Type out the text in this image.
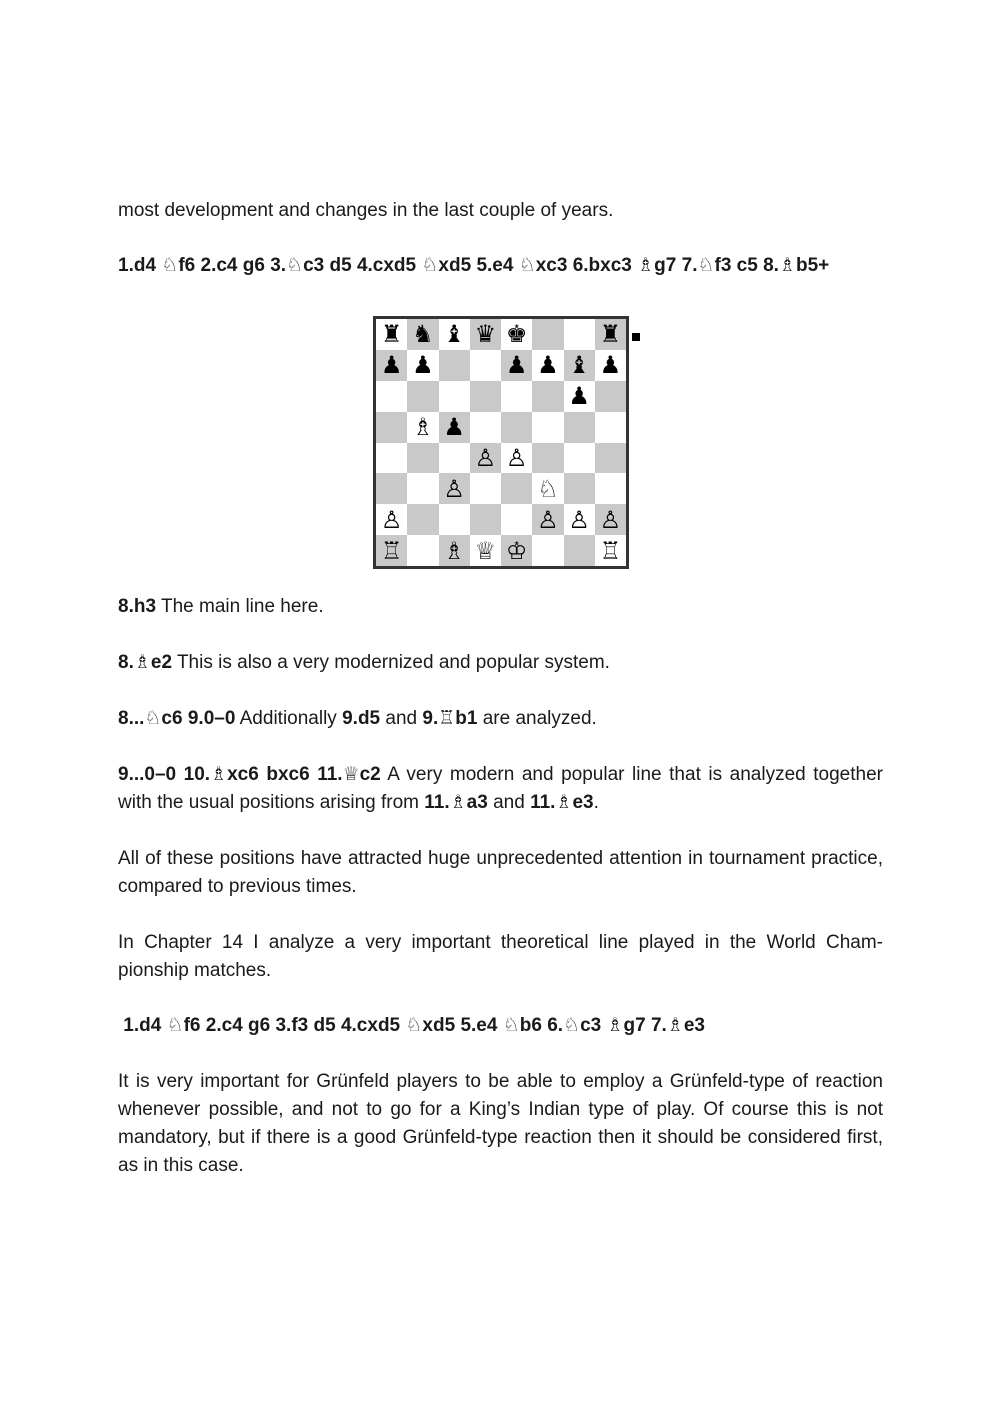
most development and changes in the last couple of years.

1.d4 ♘f6 2.c4 g6 3.♘c3 d5 4.cxd5 ♘xd5 5.e4 ♘xc3 6.bxc3 ♗g7 7.♘f3 c5 8.♗b5+

♜ ♞ ♝ ♛ ♚	♜
♟ ♟	♟ ♟ ♝ ♟
♟
♗ ♟
♙ ♙
♙	♘
♙	♙ ♙ ♙
♖ ♗ ♕ ♔	♖

8.h3 The main line here.

8.♗e2 This is also a very modernized and popular system.

8...♘c6 9.0–0 Additionally 9.d5 and 9.♖b1 are analyzed.

9...0–0 10.♗xc6 bxc6 11.♕c2 A very modern and popular line that is analyzed together with the usual positions arising from 11.♗a3 and 11.♗e3.

All of these positions have attracted huge unprecedented attention in tournament practice, compared to previous times.

In Chapter 14 I analyze a very important theoretical line played in the World Cham-pionship matches.

1.d4 ♘f6 2.c4 g6 3.f3 d5 4.cxd5 ♘xd5 5.e4 ♘b6 6.♘c3 ♗g7 7.♗e3

It is very important for Grünfeld players to be able to employ a Grünfeld-type of reaction whenever possible, and not to go for a King’s Indian type of play. Of course this is not mandatory, but if there is a good Grünfeld-type reaction then it should be considered first, as in this case.
